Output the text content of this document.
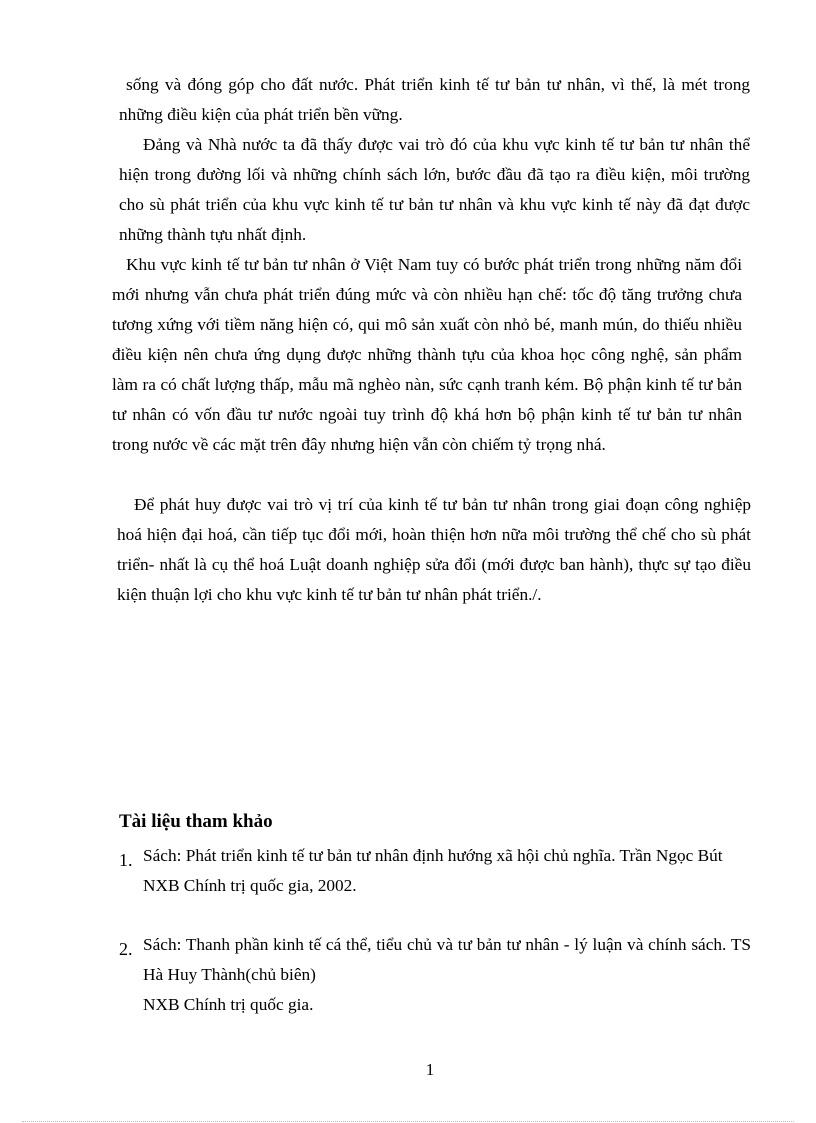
sống và đóng góp cho đất nước. Phát triển kinh tế tư bản tư nhân, vì thế, là mét trong những điều kiện của phát triển bền vững.

Đảng và Nhà nước ta đã thấy được vai trò đó của khu vực kinh tế tư bản tư nhân thể hiện trong đường lối và những chính sách lớn, bước đầu đã tạo ra điều kiện, môi trường cho sù phát triển của khu vực kinh tế tư bản tư nhân và khu vực kinh tế này đã đạt được những thành tựu nhất định.

Khu vực kinh tế tư bản tư nhân ở Việt Nam tuy có bước phát triển trong những năm đổi mới nhưng vẫn chưa phát triển đúng mức và còn nhiều hạn chế: tốc độ tăng trưởng chưa tương xứng với tiềm năng hiện có, qui mô sản xuất còn nhỏ bé, manh mún, do thiếu nhiều điều kiện nên chưa ứng dụng được những thành tựu của khoa học công nghệ, sản phẩm làm ra có chất lượng thấp, mẫu mã nghèo nàn, sức cạnh tranh kém. Bộ phận kinh tế tư bản tư nhân có vốn đầu tư nước ngoài tuy trình độ khá hơn bộ phận kinh tế tư bản tư nhân trong nước về các mặt trên đây nhưng hiện vẫn còn chiếm tỷ trọng nhá.

Để phát huy được vai trò vị trí của kinh tế tư bản tư nhân trong giai đoạn công nghiệp hoá hiện đại hoá, cần tiếp tục đổi mới, hoàn thiện hơn nữa môi trường thể chế cho sù phát triển- nhất là cụ thể hoá Luật doanh nghiệp sửa đổi (mới được ban hành), thực sự tạo điều kiện thuận lợi cho khu vực kinh tế tư bản tư nhân phát triển./.

Tài liệu tham khảo
1. Sách: Phát triển kinh tế tư bản tư nhân định hướng xã hội chủ nghĩa. Trần Ngọc Bút
NXB Chính trị quốc gia, 2002.
2. Sách: Thanh phần kinh tế cá thể, tiểu chủ và tư bản tư nhân - lý luận và chính sách. TS Hà Huy Thành(chủ biên)
NXB Chính trị quốc gia.
1
